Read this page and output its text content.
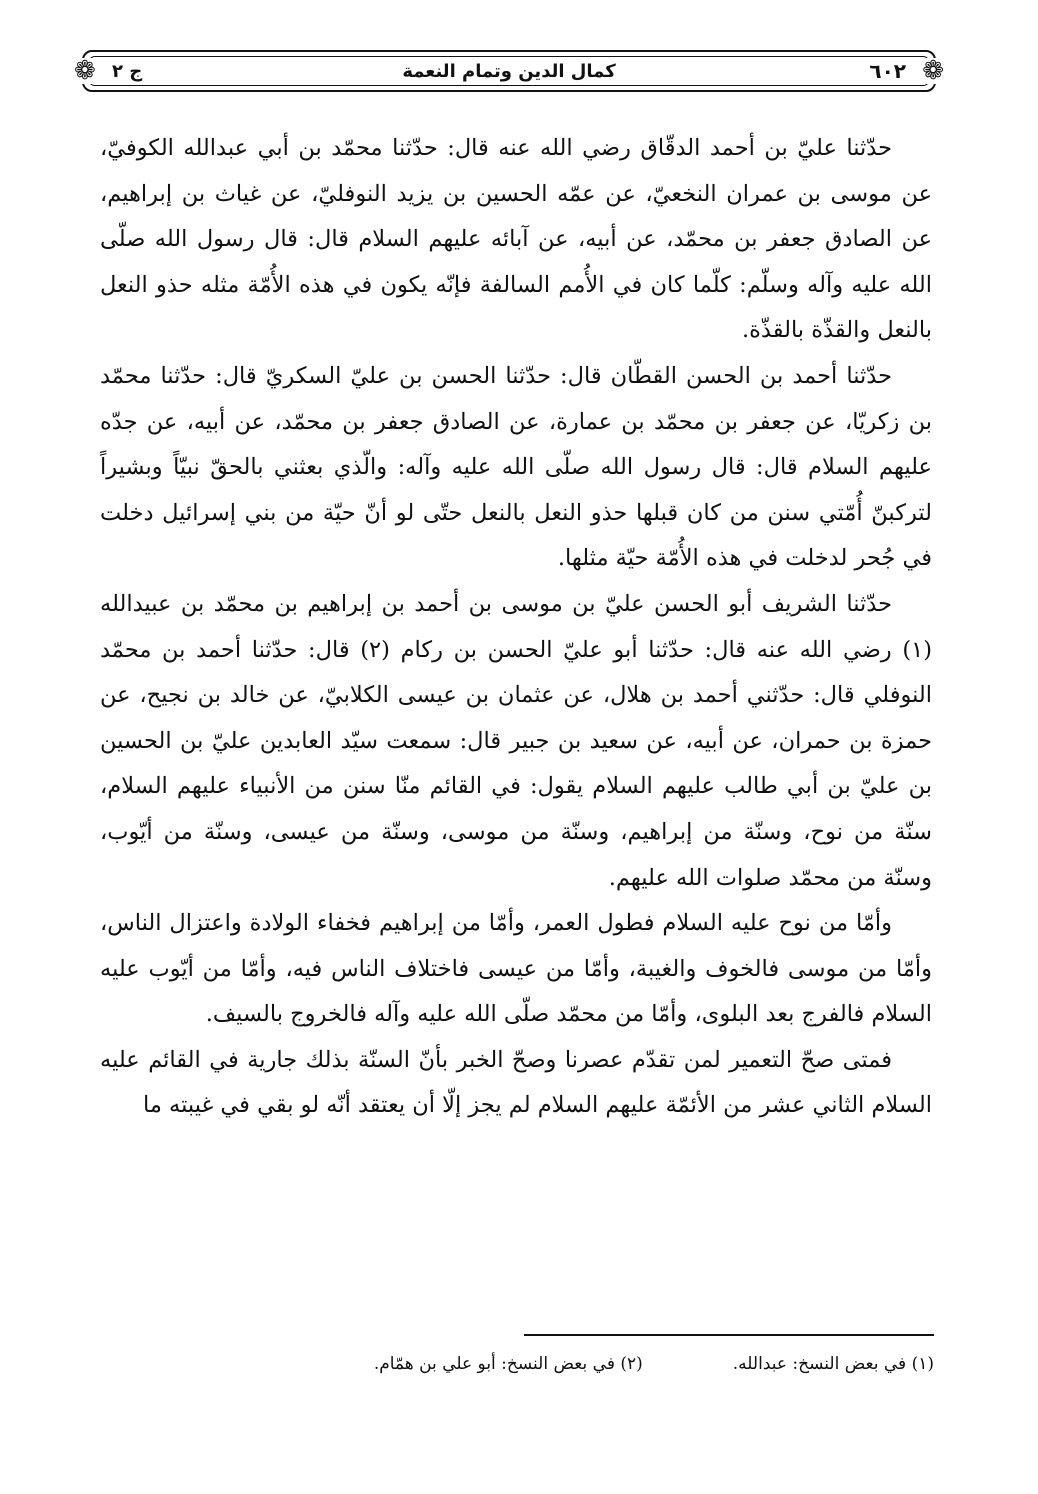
❁
❁	٦٠٢
كمال الدين وتمام النعمة
ج ٢

حدّثنا عليّ بن أحمد الدقّاق رضي الله عنه قال: حدّثنا محمّد بن أبي عبدالله الكوفيّ، عن موسى بن عمران النخعيّ، عن عمّه الحسين بن يزيد النوفليّ، عن غياث بن إبراهيم، عن الصادق جعفر بن محمّد، عن أبيه، عن آبائه عليهم السلام قال: قال رسول الله صلّى الله عليه وآله وسلّم: كلّما كان في الأُمم السالفة فإنّه يكون في هذه الأُمّة مثله حذو النعل بالنعل والقذّة بالقذّة.

حدّثنا أحمد بن الحسن القطّان قال: حدّثنا الحسن بن عليّ السكريّ قال: حدّثنا محمّد بن زكريّا، عن جعفر بن محمّد بن عمارة، عن الصادق جعفر بن محمّد، عن أبيه، عن جدّه عليهم السلام قال: قال رسول الله صلّى الله عليه وآله: والّذي بعثني بالحقّ نبيّاً وبشيراً لتركبنّ أُمّتي سنن من كان قبلها حذو النعل بالنعل حتّى لو أنّ حيّة من بني إسرائيل دخلت في جُحر لدخلت في هذه الأُمّة حيّة مثلها.

حدّثنا الشريف أبو الحسن عليّ بن موسى بن أحمد بن إبراهيم بن محمّد بن عبيدالله (١) رضي الله عنه قال: حدّثنا أبو عليّ الحسن بن ركام (٢) قال: حدّثنا أحمد بن محمّد النوفلي قال: حدّثني أحمد بن هلال، عن عثمان بن عيسى الكلابيّ، عن خالد بن نجيح، عن حمزة بن حمران، عن أبيه، عن سعيد بن جبير قال: سمعت سيّد العابدين عليّ بن الحسين بن عليّ بن أبي طالب عليهم السلام يقول: في القائم منّا سنن من الأنبياء عليهم السلام، سنّة من نوح، وسنّة من إبراهيم، وسنّة من موسى، وسنّة من عيسى، وسنّة من أيّوب، وسنّة من محمّد صلوات الله عليهم.

وأمّا من نوح عليه السلام فطول العمر، وأمّا من إبراهيم فخفاء الولادة واعتزال الناس، وأمّا من موسى فالخوف والغيبة، وأمّا من عيسى فاختلاف الناس فيه، وأمّا من أيّوب عليه السلام فالفرج بعد البلوى، وأمّا من محمّد صلّى الله عليه وآله فالخروج بالسيف.

فمتى صحّ التعمير لمن تقدّم عصرنا وصحّ الخبر بأنّ السنّة بذلك جارية في القائم عليه السلام الثاني عشر من الأئمّة عليهم السلام لم يجز إلّا أن يعتقد أنّه لو بقي في غيبته ما

(١) في بعض النسخ: عبدالله.
(٢) في بعض النسخ: أبو علي بن همّام.
